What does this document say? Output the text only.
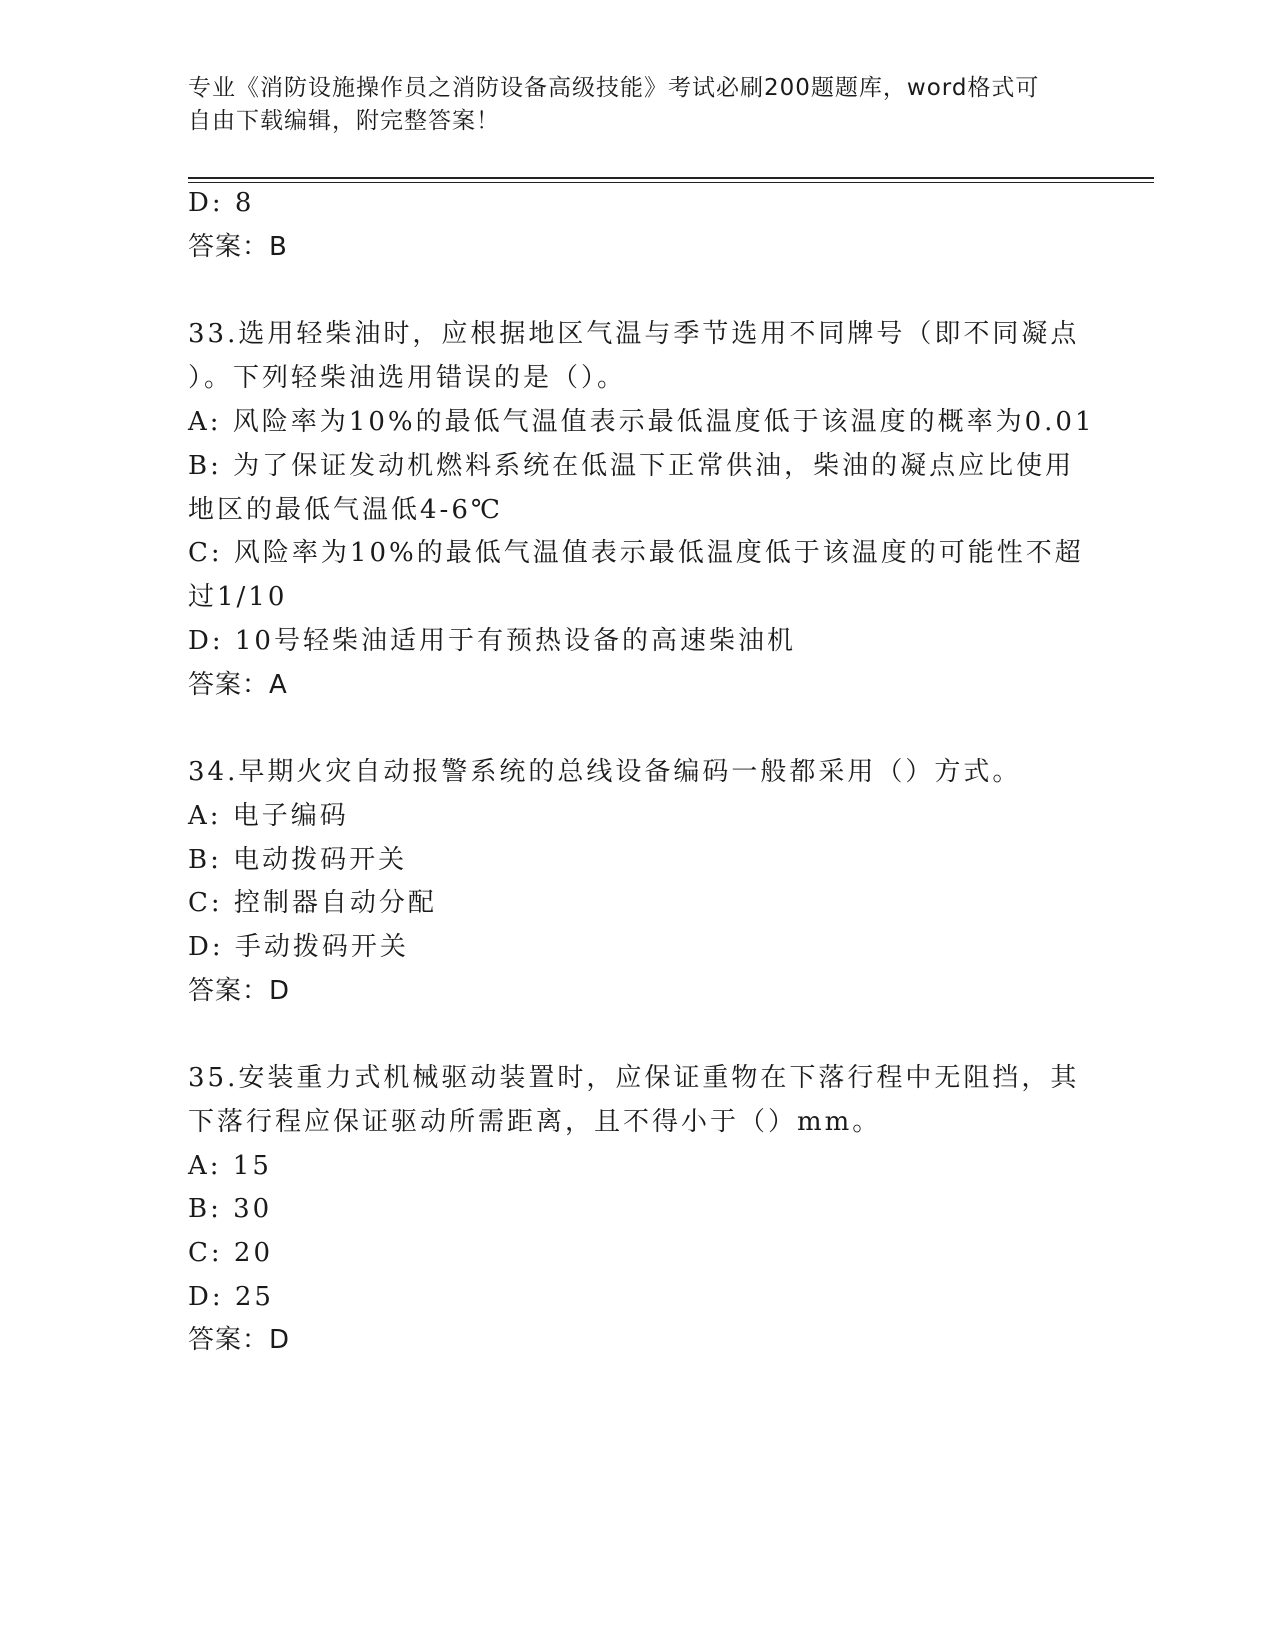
专业《消防设施操作员之消防设备高级技能》考试必刷200题题库，word格式可
自由下载编辑，附完整答案！
D: 8
答案：B
33.选用轻柴油时，应根据地区气温与季节选用不同牌号（即不同凝点
）。下列轻柴油选用错误的是（）。
A: 风险率为10%的最低气温值表示最低温度低于该温度的概率为0.01
B: 为了保证发动机燃料系统在低温下正常供油，柴油的凝点应比使用
地区的最低气温低4-6℃
C: 风险率为10%的最低气温值表示最低温度低于该温度的可能性不超
过1/10
D: 10号轻柴油适用于有预热设备的高速柴油机
答案：A
34.早期火灾自动报警系统的总线设备编码一般都采用（）方式。
A: 电子编码
B: 电动拨码开关
C: 控制器自动分配
D: 手动拨码开关
答案：D
35.安装重力式机械驱动装置时，应保证重物在下落行程中无阻挡，其
下落行程应保证驱动所需距离，且不得小于（）mm。
A: 15
B: 30
C: 20
D: 25
答案：D
